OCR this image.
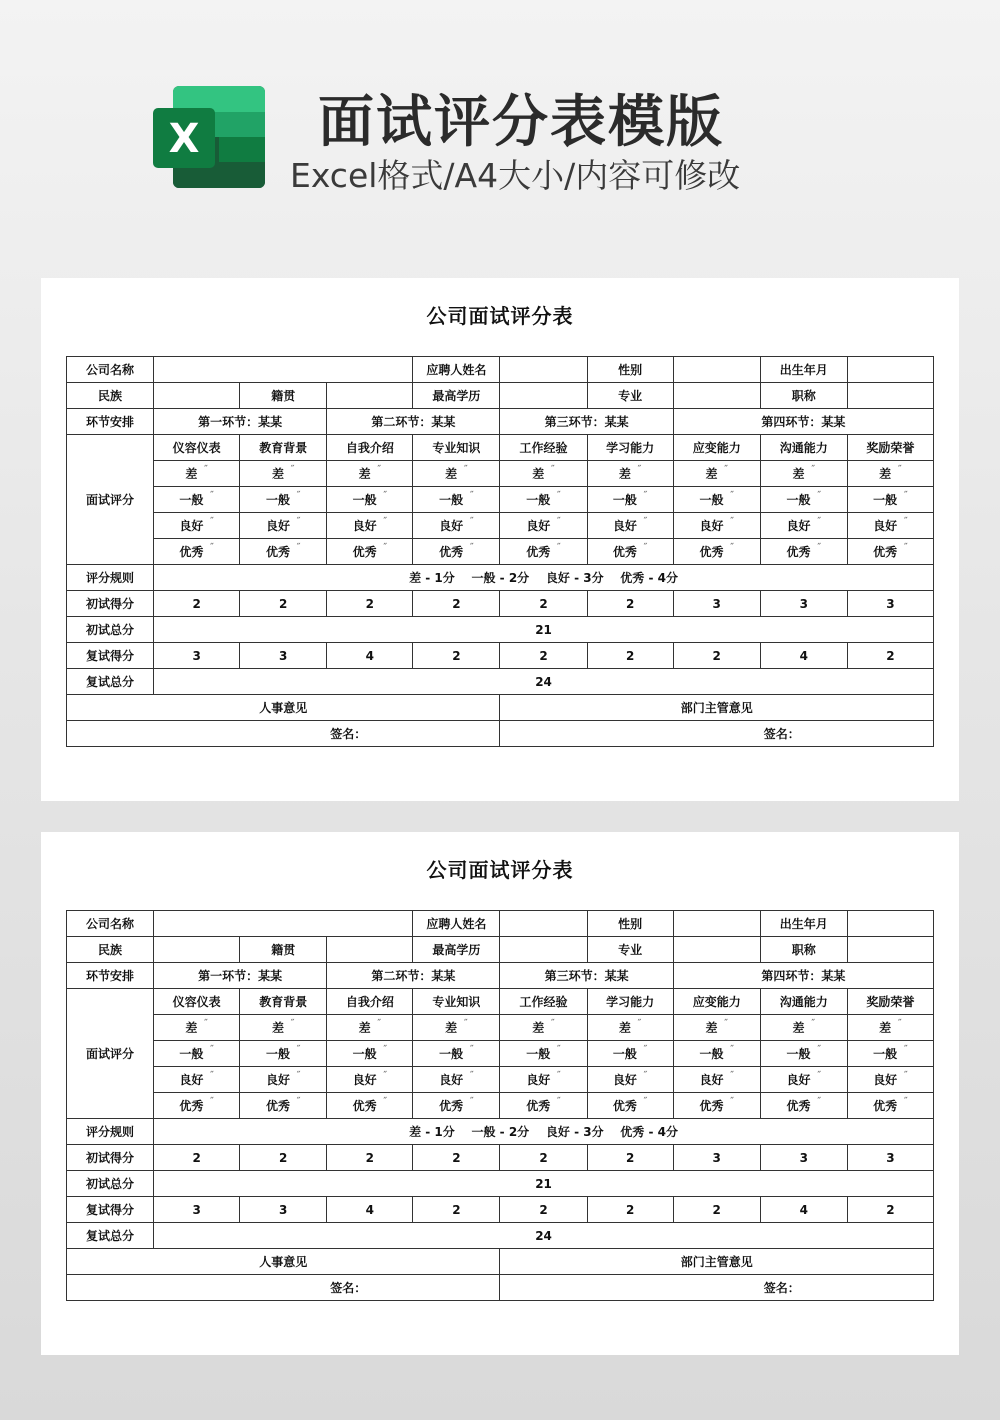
X 面试评分表模版
Excel格式/A4大小/内容可修改
公司面试评分表
公司名称				应聘人姓名		性别		出生年月	
民族		籍贯		最高学历		专业		职称	
环节安排	第一环节：某某		第二环节：某某		第三环节：某某		第四环节：某某		
面试评分	仪容仪表	教育背景	自我介绍	专业知识	工作经验	学习能力	应变能力	沟通能力	奖励荣誉
	差 ˝	差 ˝	差 ˝	差 ˝	差 ˝	差 ˝	差 ˝	差 ˝	差 ˝
	一般 ˝	一般 ˝	一般 ˝	一般 ˝	一般 ˝	一般 ˝	一般 ˝	一般 ˝	一般 ˝
	良好 ˝	良好 ˝	良好 ˝	良好 ˝	良好 ˝	良好 ˝	良好 ˝	良好 ˝	良好 ˝
	优秀 ˝	优秀 ˝	优秀 ˝	优秀 ˝	优秀 ˝	优秀 ˝	优秀 ˝	优秀 ˝	优秀 ˝
评分规则	差 - 1分    一般 - 2分    良好 - 3分    优秀 - 4分								
初试得分	2	2	2	2	2	2	3	3	3
初试总分	21								
复试得分	3	3	4	2	2	2	2	4	2
复试总分	24								
人事意见					部门主管意见				
签名：					签名：				
公司面试评分表
公司名称				应聘人姓名		性别		出生年月	
民族		籍贯		最高学历		专业		职称	
环节安排	第一环节：某某		第二环节：某某		第三环节：某某		第四环节：某某		
面试评分	仪容仪表	教育背景	自我介绍	专业知识	工作经验	学习能力	应变能力	沟通能力	奖励荣誉
	差 ˝	差 ˝	差 ˝	差 ˝	差 ˝	差 ˝	差 ˝	差 ˝	差 ˝
	一般 ˝	一般 ˝	一般 ˝	一般 ˝	一般 ˝	一般 ˝	一般 ˝	一般 ˝	一般 ˝
	良好 ˝	良好 ˝	良好 ˝	良好 ˝	良好 ˝	良好 ˝	良好 ˝	良好 ˝	良好 ˝
	优秀 ˝	优秀 ˝	优秀 ˝	优秀 ˝	优秀 ˝	优秀 ˝	优秀 ˝	优秀 ˝	优秀 ˝
评分规则	差 - 1分    一般 - 2分    良好 - 3分    优秀 - 4分								
初试得分	2	2	2	2	2	2	3	3	3
初试总分	21								
复试得分	3	3	4	2	2	2	2	4	2
复试总分	24								
人事意见					部门主管意见				
签名：					签名：				
